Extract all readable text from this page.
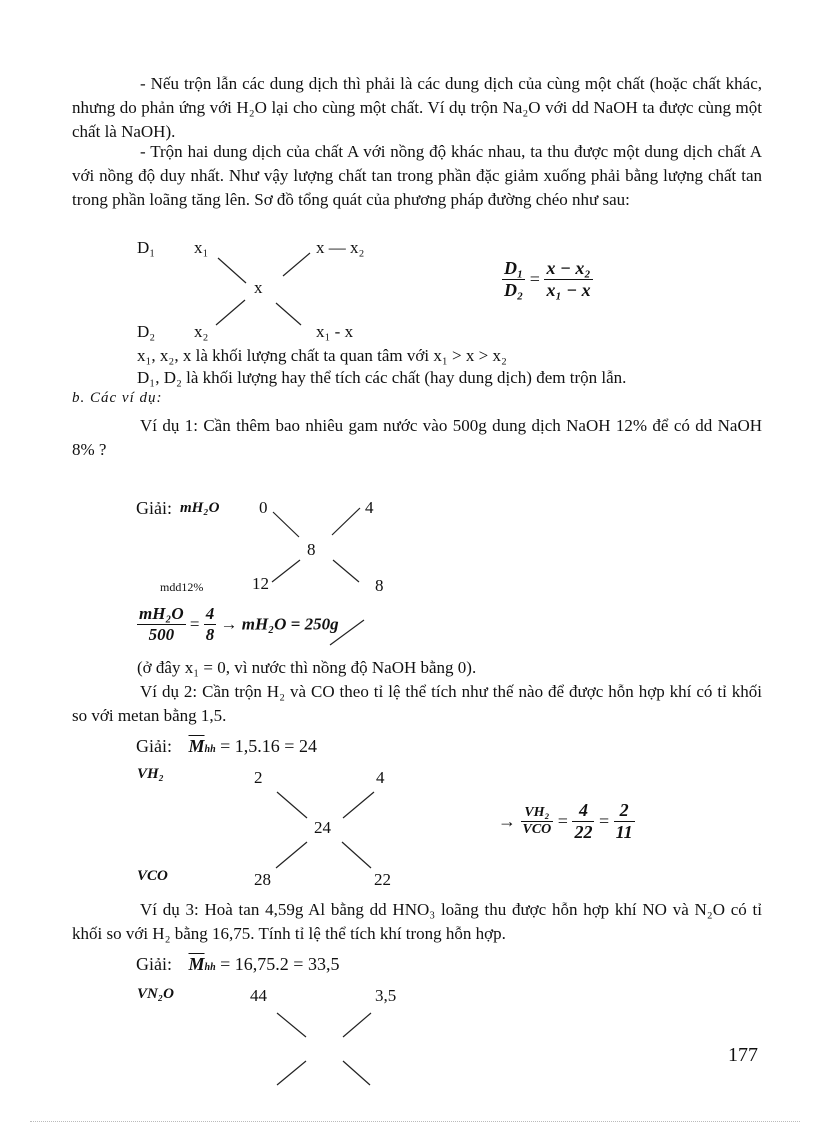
- Nếu trộn lẫn các dung dịch thì phải là các dung dịch của cùng một chất (hoặc chất khác, nhưng do phản ứng với H₂O lại cho cùng một chất. Ví dụ trộn Na₂O với dd NaOH ta được cùng một chất là NaOH).
- Trộn hai dung dịch của chất A với nồng độ khác nhau, ta thu được một dung dịch chất A với nồng độ duy nhất. Như vậy lượng chất tan trong phần đặc giảm xuống phải bằng lượng chất tan trong phần loãng tăng lên. Sơ đồ tổng quát của phương pháp đường chéo như sau:
D₁ x₁	x — x₂
x
D₂ x₂	x₁ - x
$\frac{\text{D₁}}{\text{D₂}} = \frac{\text{x − x₂}}{\text{x₁ − x}}$
x₁, x₂, x là khối lượng chất ta quan tâm với x₁ > x > x₂
D₁, D₂ là khối lượng hay thể tích các chất (hay dung dịch) đem trộn lẫn.
b. Các ví dụ:
Ví dụ 1: Cần thêm bao nhiêu gam nước vào 500g dung dịch NaOH 12% để có dd NaOH 8% ?
Giải: mH₂O 0	4
8
mdd12%	12	8
$\frac{\text{mH₂O}}{500} = \frac{4}{8} \to mH_2O = 250g$
(ở đây x₁ = 0, vì nước thì nồng độ NaOH bằng 0).
Ví dụ 2: Cần trộn H₂ và CO theo tỉ lệ thể tích như thế nào để được hỗn hợp khí có tỉ khối so với metan bằng 1,5.
Giải: $\overline{M}hh = 1,5.16 = 24$
VH₂	2	4
24
VCO	28	22
→ $\frac{\text{VH₂}}{\text{VCO}} = \frac{4}{22} = \frac{2}{11}$
Ví dụ 3: Hoà tan 4,59g Al bằng dd HNO₃ loãng thu được hỗn hợp khí NO và N₂O có tỉ khối so với H₂ bằng 16,75. Tính tỉ lệ thể tích khí trong hỗn hợp.
Giải: $\overline{M}hh = 16,75.2 = 33,5$
VN₂O	44	3,5
177
